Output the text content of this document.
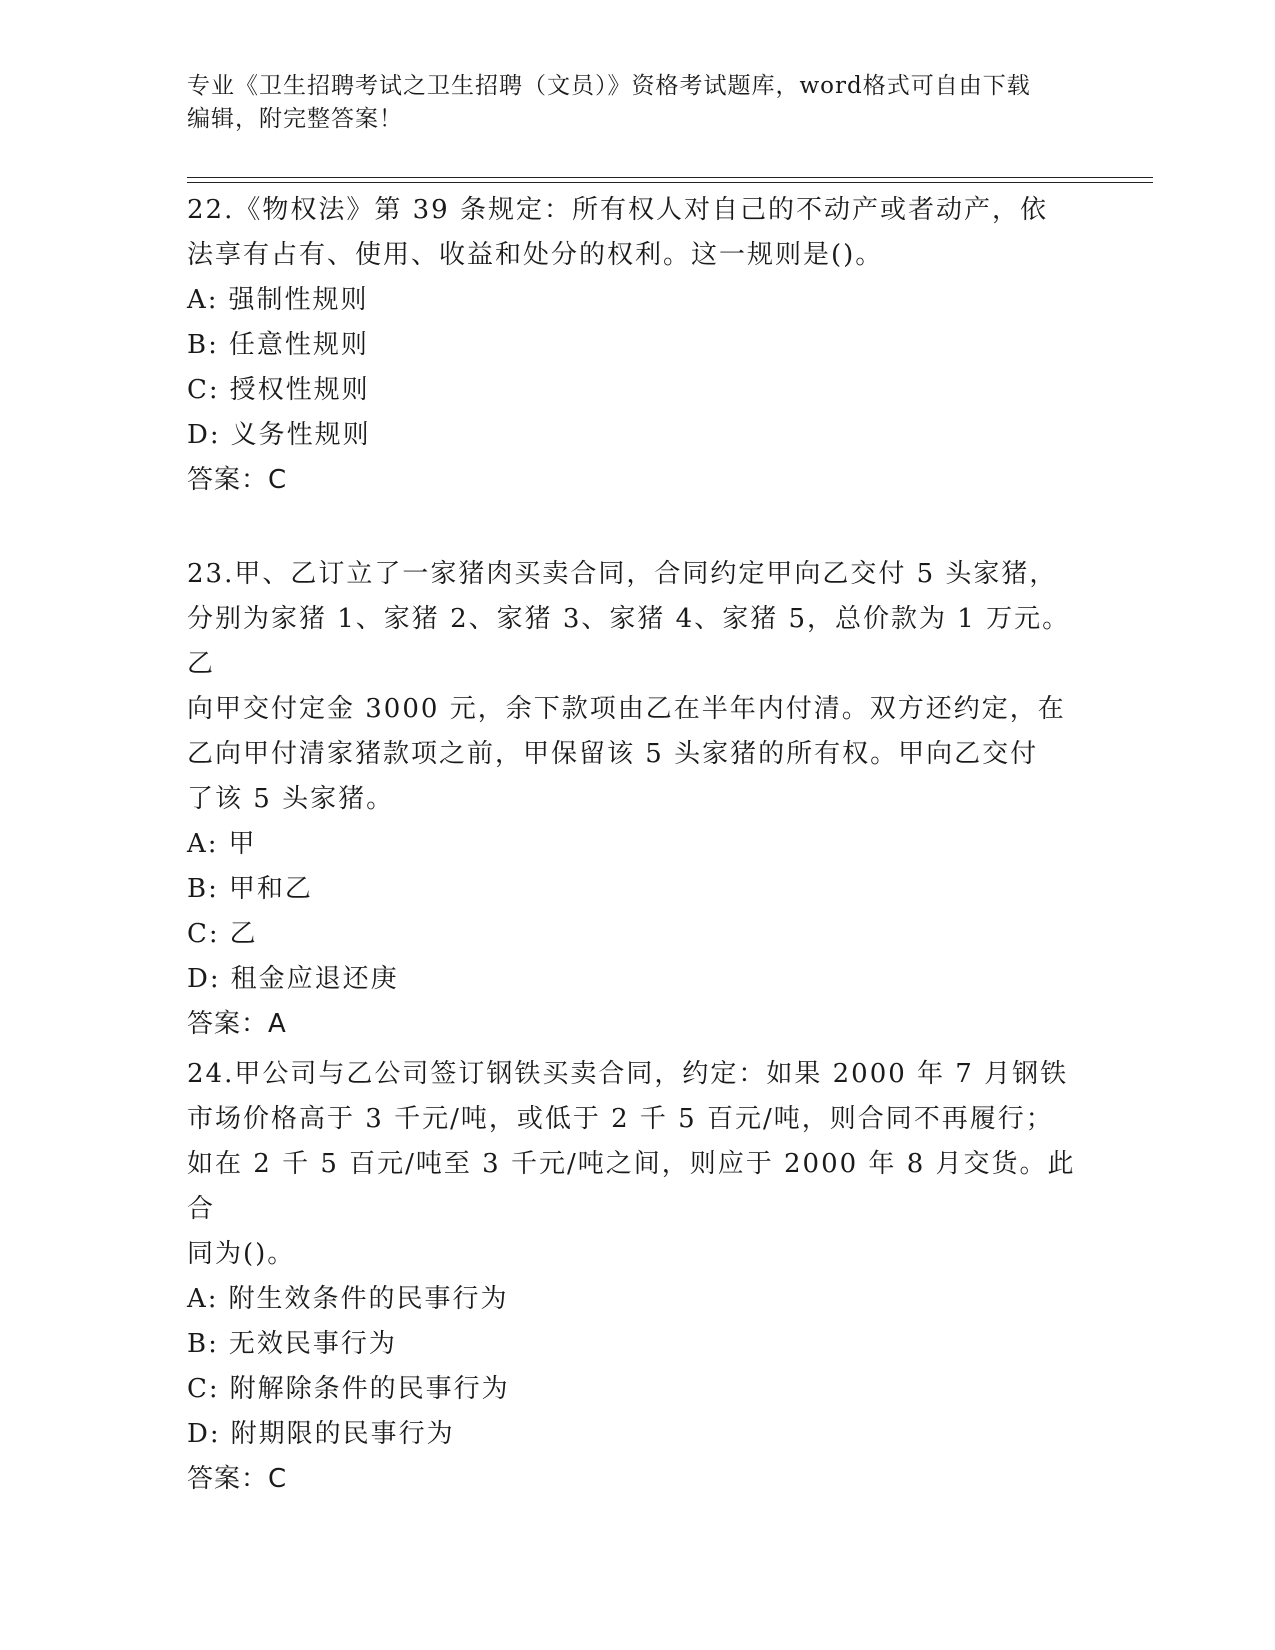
专业《卫生招聘考试之卫生招聘（文员）》资格考试题库，word格式可自由下载
编辑，附完整答案！

22.《物权法》第 39 条规定：所有权人对自己的不动产或者动产，依

法享有占有、使用、收益和处分的权利。这一规则是()。

A: 强制性规则

B: 任意性规则

C: 授权性规则

D: 义务性规则

答案：C

23.甲、乙订立了一家猪肉买卖合同，合同约定甲向乙交付 5 头家猪，

分别为家猪 1、家猪 2、家猪 3、家猪 4、家猪 5，总价款为 1 万元。乙

向甲交付定金 3000 元，余下款项由乙在半年内付清。双方还约定，在

乙向甲付清家猪款项之前，甲保留该 5 头家猪的所有权。甲向乙交付

了该 5 头家猪。

A: 甲

B: 甲和乙

C: 乙

D: 租金应退还庚

答案：A

24.甲公司与乙公司签订钢铁买卖合同，约定：如果 2000 年 7 月钢铁

市场价格高于 3 千元/吨，或低于 2 千 5 百元/吨，则合同不再履行；

如在 2 千 5 百元/吨至 3 千元/吨之间，则应于 2000 年 8 月交货。此合

同为()。

A: 附生效条件的民事行为

B: 无效民事行为

C: 附解除条件的民事行为

D: 附期限的民事行为

答案：C
